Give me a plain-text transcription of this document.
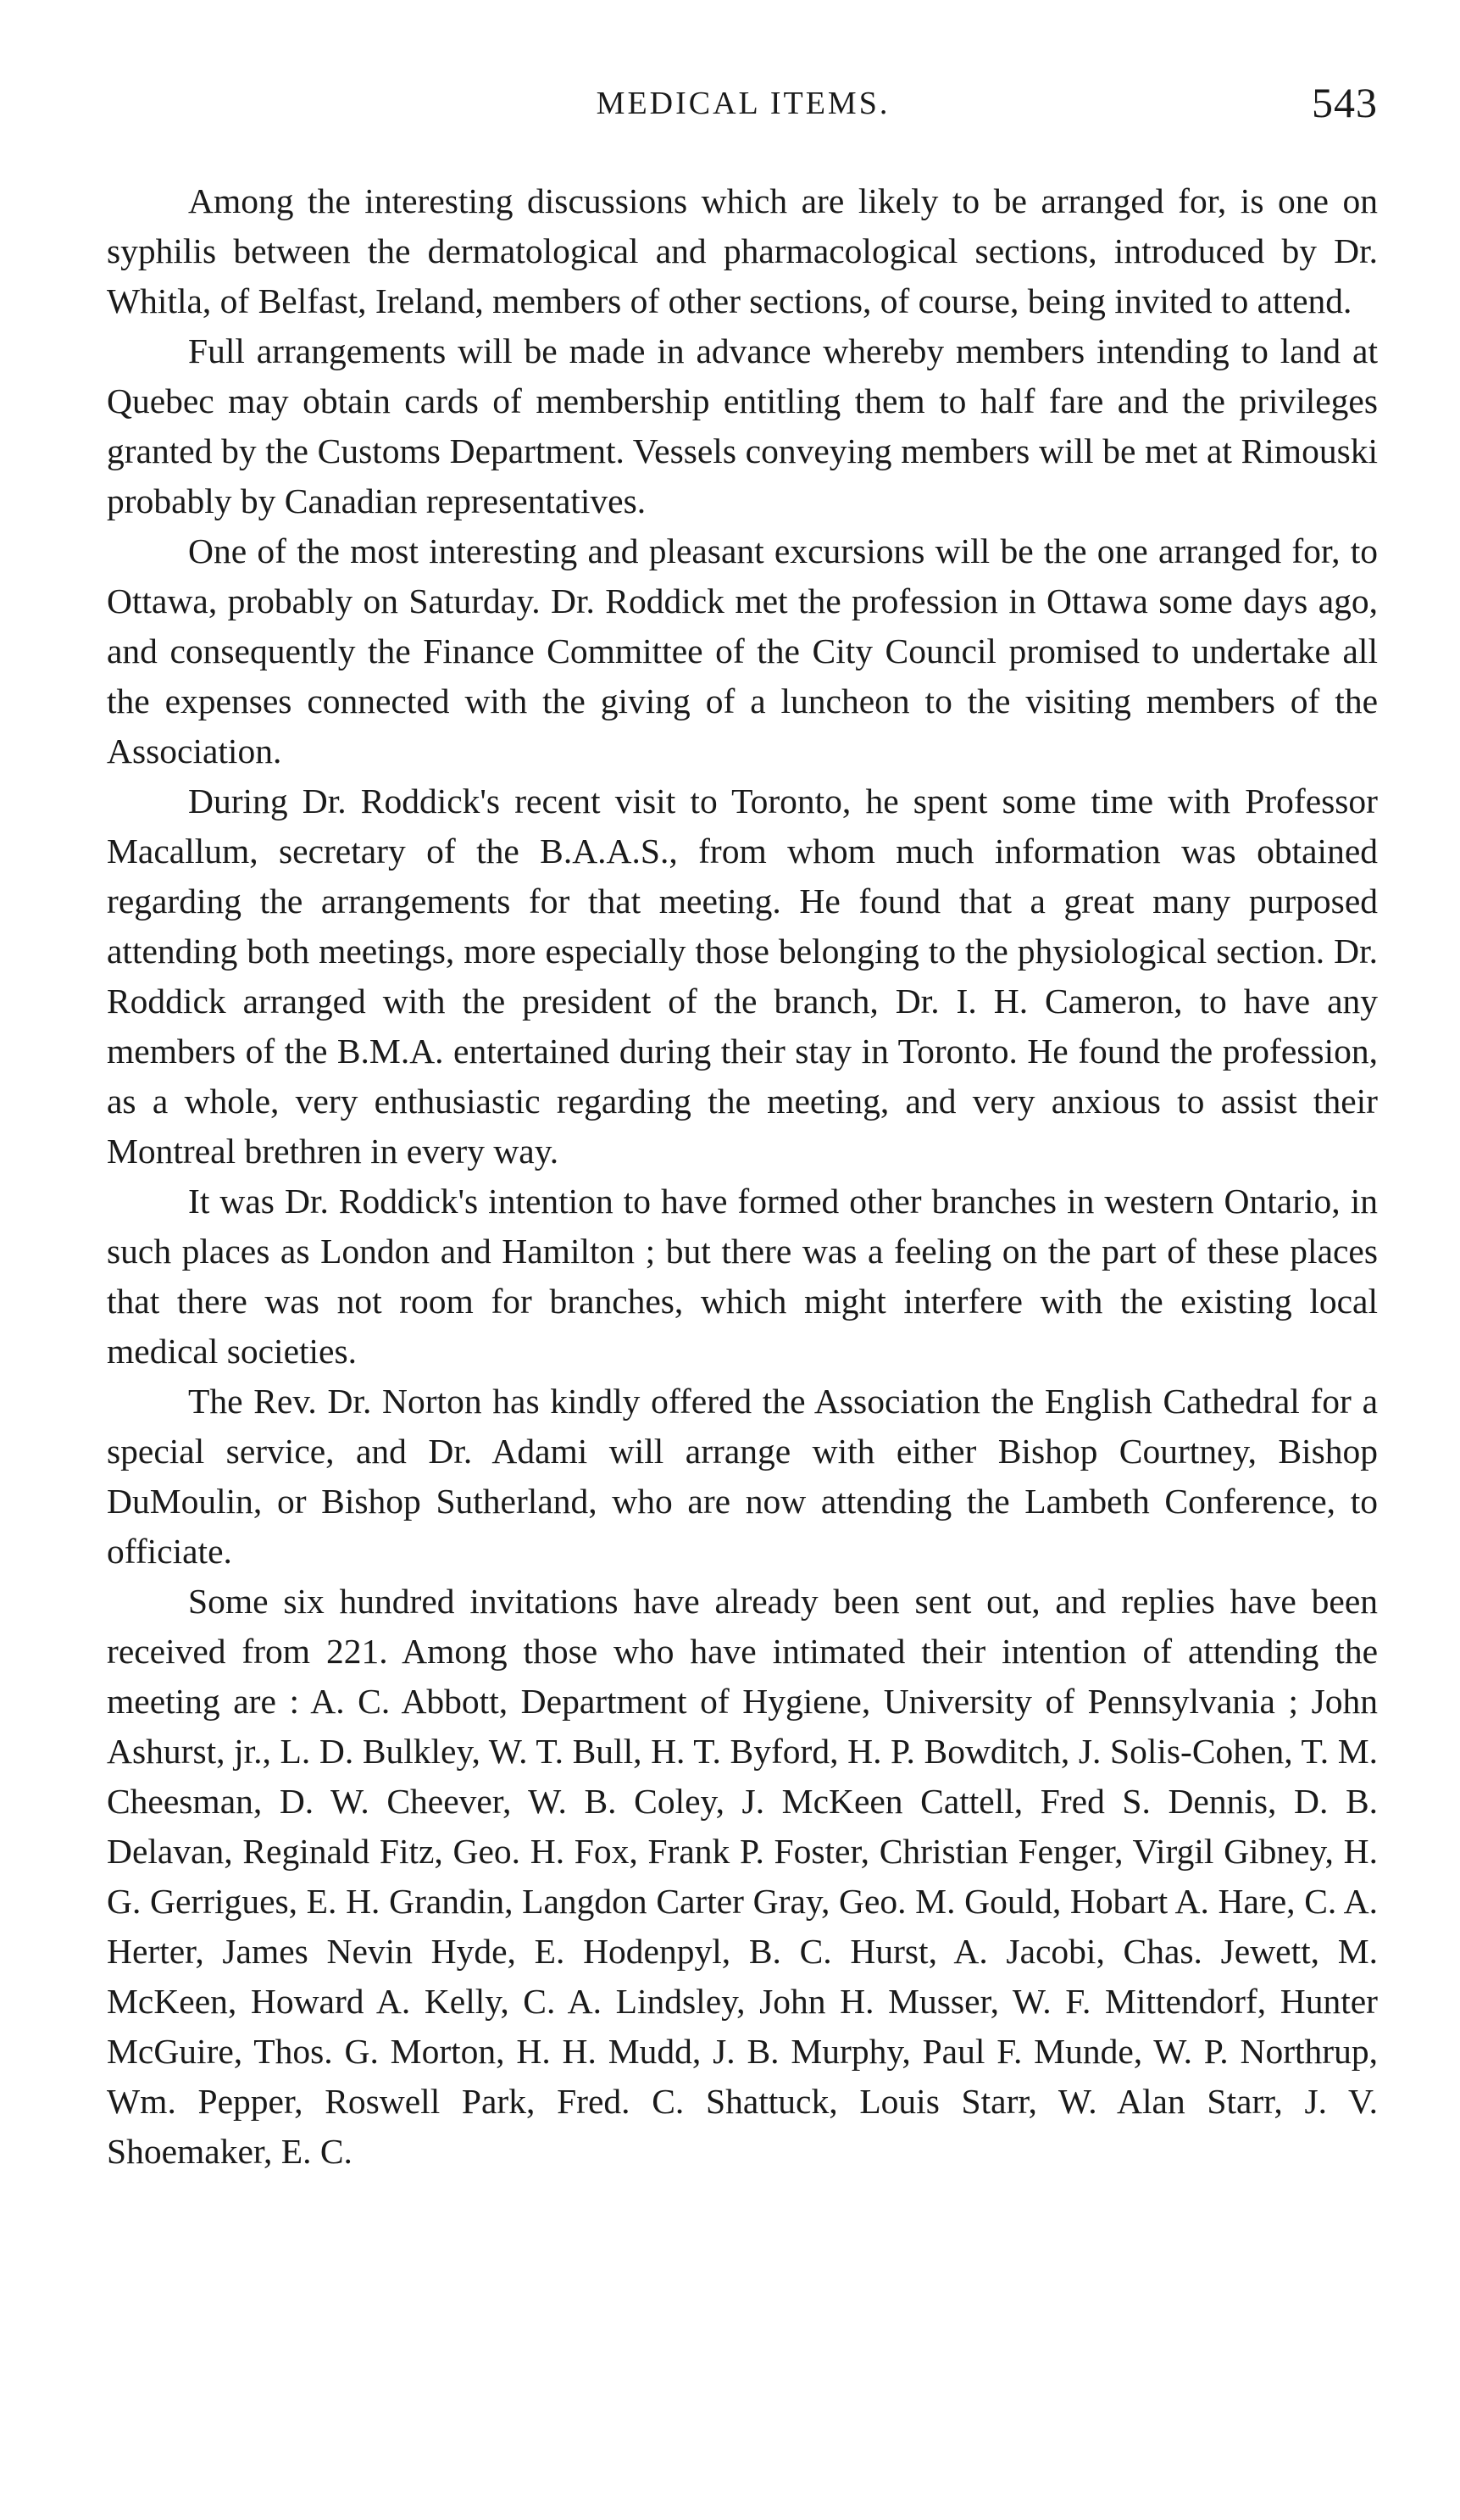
MEDICAL ITEMS.	543

Among the interesting discussions which are likely to be arranged for, is one on syphilis between the dermatological and pharmacological sections, introduced by Dr. Whitla, of Belfast, Ireland, members of other sections, of course, being invited to attend.

Full arrangements will be made in advance whereby members intending to land at Quebec may obtain cards of membership entitling them to half fare and the privileges granted by the Customs Department. Vessels conveying members will be met at Rimouski probably by Canadian representatives.

One of the most interesting and pleasant excursions will be the one arranged for, to Ottawa, probably on Saturday. Dr. Roddick met the profession in Ottawa some days ago, and consequently the Finance Committee of the City Council promised to undertake all the expenses connected with the giving of a luncheon to the visiting members of the Association.

During Dr. Roddick's recent visit to Toronto, he spent some time with Professor Macallum, secretary of the B.A.A.S., from whom much information was obtained regarding the arrangements for that meeting. He found that a great many purposed attending both meetings, more especially those belonging to the physiological section. Dr. Roddick arranged with the president of the branch, Dr. I. H. Cameron, to have any members of the B.M.A. entertained during their stay in Toronto. He found the profession, as a whole, very enthusiastic regarding the meeting, and very anxious to assist their Montreal brethren in every way.

It was Dr. Roddick's intention to have formed other branches in western Ontario, in such places as London and Hamilton ; but there was a feeling on the part of these places that there was not room for branches, which might interfere with the existing local medical societies.

The Rev. Dr. Norton has kindly offered the Association the English Cathedral for a special service, and Dr. Adami will arrange with either Bishop Courtney, Bishop DuMoulin, or Bishop Sutherland, who are now attending the Lambeth Conference, to officiate.

Some six hundred invitations have already been sent out, and replies have been received from 221. Among those who have intimated their intention of attending the meeting are : A. C. Abbott, Department of Hygiene, University of Pennsylvania ; John Ashurst, jr., L. D. Bulkley, W. T. Bull, H. T. Byford, H. P. Bowditch, J. Solis-Cohen, T. M. Cheesman, D. W. Cheever, W. B. Coley, J. McKeen Cattell, Fred S. Dennis, D. B. Delavan, Reginald Fitz, Geo. H. Fox, Frank P. Foster, Christian Fenger, Virgil Gibney, H. G. Gerrigues, E. H. Grandin, Langdon Carter Gray, Geo. M. Gould, Hobart A. Hare, C. A. Herter, James Nevin Hyde, E. Hodenpyl, B. C. Hurst, A. Jacobi, Chas. Jewett, M. McKeen, Howard A. Kelly, C. A. Lindsley, John H. Musser, W. F. Mittendorf, Hunter McGuire, Thos. G. Morton, H. H. Mudd, J. B. Murphy, Paul F. Munde, W. P. Northrup, Wm. Pepper, Roswell Park, Fred. C. Shattuck, Louis Starr, W. Alan Starr, J. V. Shoemaker, E. C.
